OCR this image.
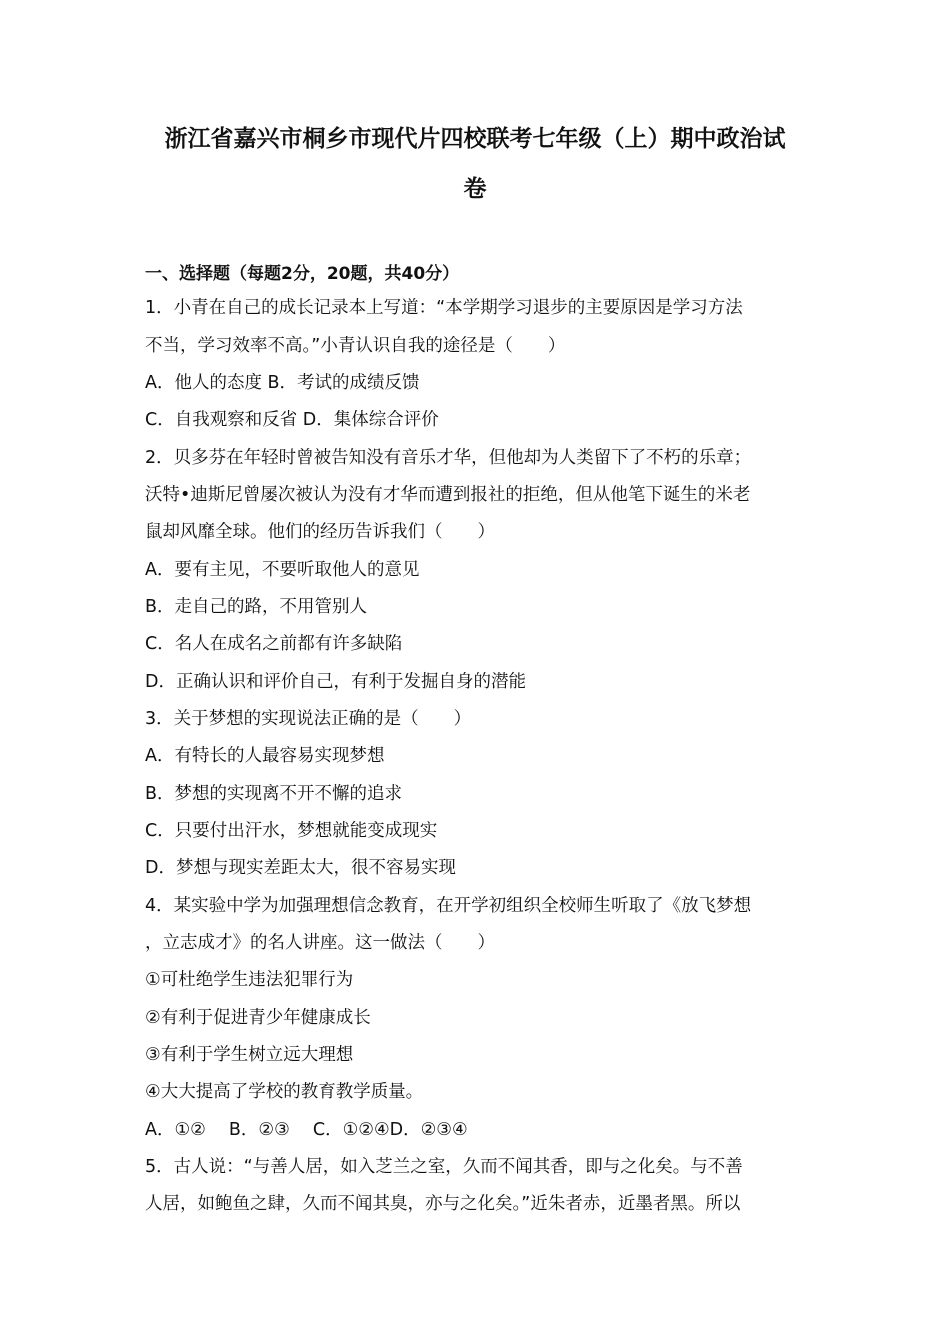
浙江省嘉兴市桐乡市现代片四校联考七年级（上）期中政治试
卷
一、选择题（每题2分，20题，共40分）
1．小青在自己的成长记录本上写道：“本学期学习退步的主要原因是学习方法
不当，学习效率不高。”小青认识自我的途径是（　　）
A．他人的态度 B．考试的成绩反馈
C．自我观察和反省 D．集体综合评价
2．贝多芬在年轻时曾被告知没有音乐才华，但他却为人类留下了不朽的乐章；
沃特•迪斯尼曾屡次被认为没有才华而遭到报社的拒绝，但从他笔下诞生的米老
鼠却风靡全球。他们的经历告诉我们（　　）
A．要有主见，不要听取他人的意见
B．走自己的路，不用管别人
C．名人在成名之前都有许多缺陷
D．正确认识和评价自己，有利于发掘自身的潜能
3．关于梦想的实现说法正确的是（　　）
A．有特长的人最容易实现梦想
B．梦想的实现离不开不懈的追求
C．只要付出汗水，梦想就能变成现实
D．梦想与现实差距太大，很不容易实现
4．某实验中学为加强理想信念教育，在开学初组织全校师生听取了《放飞梦想
，立志成才》的名人讲座。这一做法（　　）
①可杜绝学生违法犯罪行为
②有利于促进青少年健康成长
③有利于学生树立远大理想
④大大提高了学校的教育教学质量。
A．①②　 B．②③　 C．①②④D．②③④
5．古人说：“与善人居，如入芝兰之室，久而不闻其香，即与之化矣。与不善
人居，如鲍鱼之肆，久而不闻其臭，亦与之化矣。”近朱者赤，近墨者黑。所以
